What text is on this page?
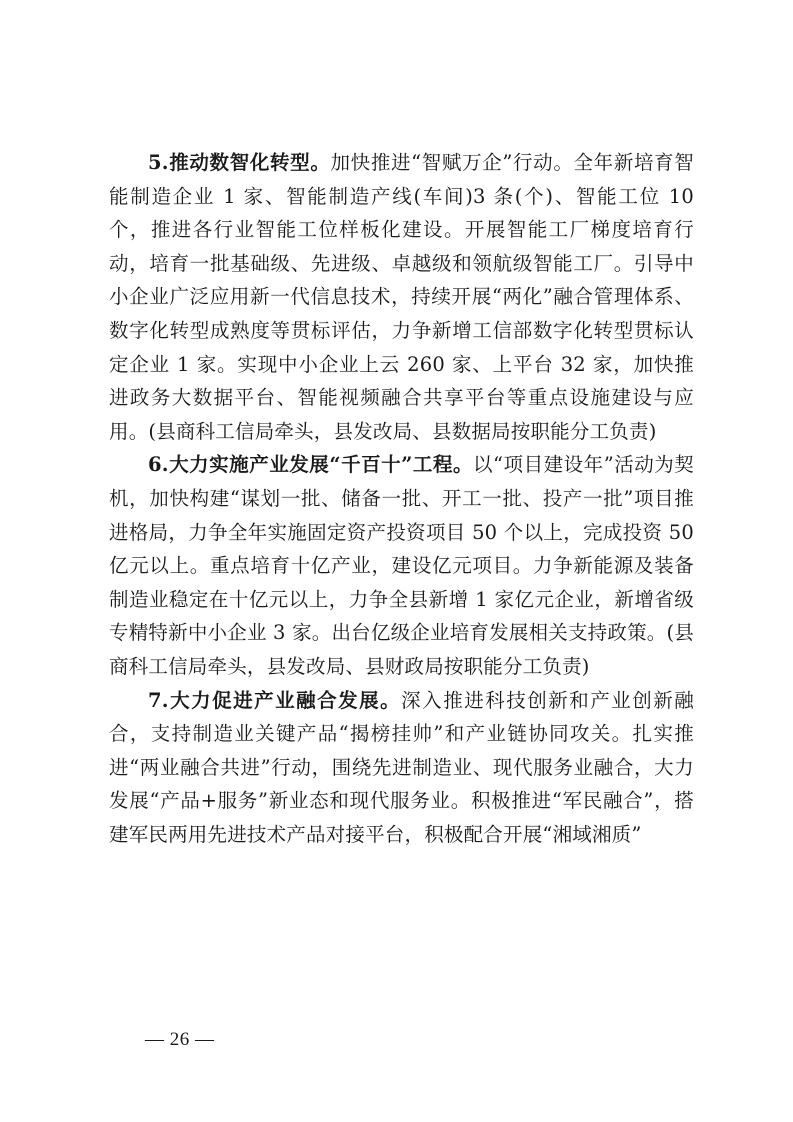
5.推动数智化转型。加快推进“智赋万企”行动。全年新培育智能制造企业 1 家、智能制造产线(车间)3 条(个)、智能工位 10 个，推进各行业智能工位样板化建设。开展智能工厂梯度培育行动，培育一批基础级、先进级、卓越级和领航级智能工厂。引导中小企业广泛应用新一代信息技术，持续开展“两化”融合管理体系、数字化转型成熟度等贯标评估，力争新增工信部数字化转型贯标认定企业 1 家。实现中小企业上云 260 家、上平台 32 家，加快推进政务大数据平台、智能视频融合共享平台等重点设施建设与应用。(县商科工信局牵头，县发改局、县数据局按职能分工负责)

6.大力实施产业发展“千百十”工程。以“项目建设年”活动为契机，加快构建“谋划一批、储备一批、开工一批、投产一批”项目推进格局，力争全年实施固定资产投资项目 50 个以上，完成投资 50 亿元以上。重点培育十亿产业，建设亿元项目。力争新能源及装备制造业稳定在十亿元以上，力争全县新增 1 家亿元企业，新增省级专精特新中小企业 3 家。出台亿级企业培育发展相关支持政策。(县商科工信局牵头，县发改局、县财政局按职能分工负责)

7.大力促进产业融合发展。深入推进科技创新和产业创新融合，支持制造业关键产品“揭榜挂帅”和产业链协同攻关。扎实推进“两业融合共进”行动，围绕先进制造业、现代服务业融合，大力发展“产品+服务”新业态和现代服务业。积极推进“军民融合”，搭建军民两用先进技术产品对接平台，积极配合开展“湘域湘质”

— 26 —
